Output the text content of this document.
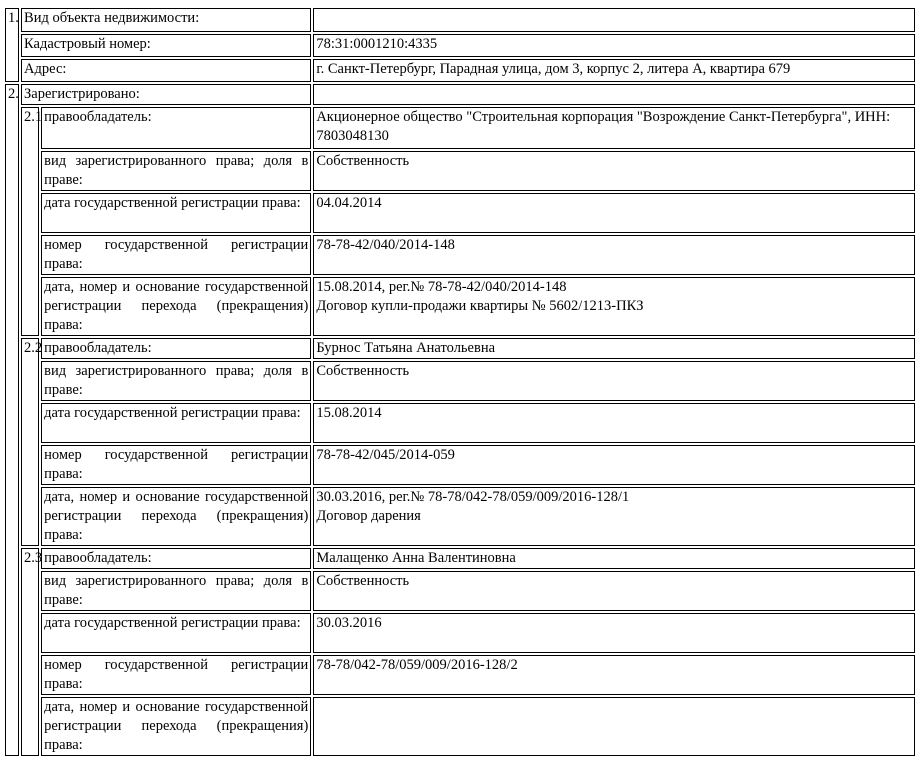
1.	Вид объекта недвижимости:		
	Кадастровый номер:		78:31:0001210:4335
	Адрес:		г. Санкт-Петербург, Парадная улица, дом 3, корпус 2, литера А, квартира 679
2.	Зарегистрировано:		
	2.1	правообладатель:	Акционерное общество "Строительная корпорация "Возрождение Санкт-Петербурга", ИНН: 7803048130
		вид зарегистрированного права; доля в праве:	Собственность
		дата государственной регистрации права:	04.04.2014
		номер государственной регистрации права:	78-78-42/040/2014-148
		дата, номер и основание государственной регистрации перехода (прекращения) права:	15.08.2014, рег.№ 78-78-42/040/2014-148
Договор купли-продажи квартиры № 5602/1213-ПКЗ

	2.2	правообладатель:	Бурнос Татьяна Анатольевна
		вид зарегистрированного права; доля в праве:	Собственность
		дата государственной регистрации права:	15.08.2014
		номер государственной регистрации права:	78-78-42/045/2014-059
		дата, номер и основание государственной регистрации перехода (прекращения) права:	30.03.2016, рег.№ 78-78/042-78/059/009/2016-128/1
Договор дарения

	2.3	правообладатель:	Малащенко Анна Валентиновна
		вид зарегистрированного права; доля в праве:	Собственность
		дата государственной регистрации права:	30.03.2016
		номер государственной регистрации права:	78-78/042-78/059/009/2016-128/2
		дата, номер и основание государственной регистрации перехода (прекращения) права:	
